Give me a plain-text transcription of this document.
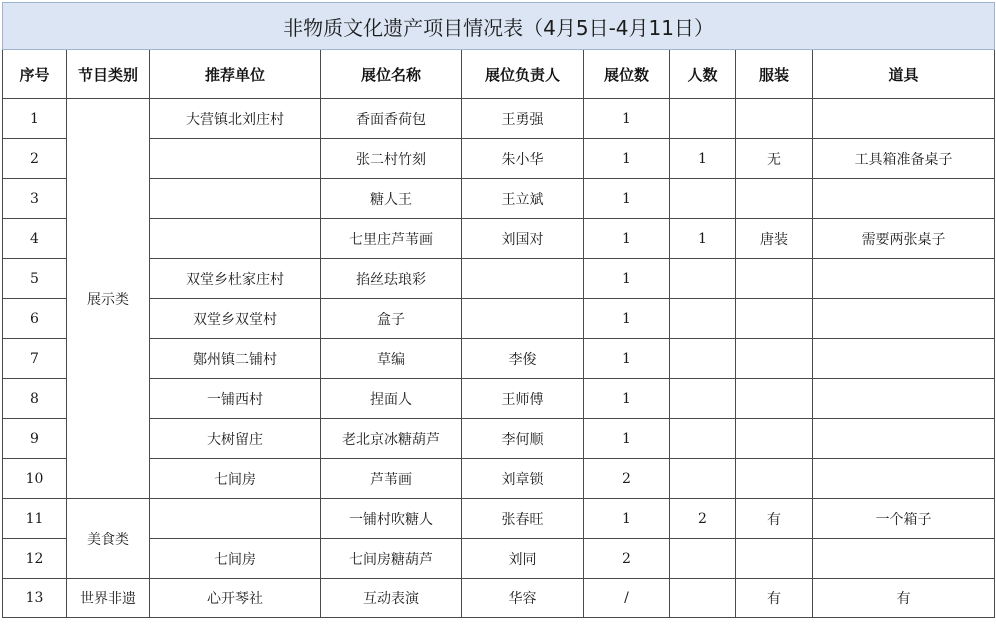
非物质文化遗产项目情况表（4月5日-4月11日）								
序号	节目类别	推荐单位	展位名称	展位负责人	展位数	人数	服装	道具
1	展示类	大营镇北刘庄村	香面香荷包	王勇强	1			
2			张二村竹刻	朱小华	1	1	无	工具箱准备桌子
3			糖人王	王立斌	1			
4			七里庄芦苇画	刘国对	1	1	唐装	需要两张桌子
5		双堂乡杜家庄村	掐丝珐琅彩		1			
6		双堂乡双堂村	盒子		1			
7		鄚州镇二铺村	草编	李俊	1			
8		一铺西村	捏面人	王师傅	1			
9		大树留庄	老北京冰糖葫芦	李何顺	1			
10		七间房	芦苇画	刘章锁	2			
11	美食类		一铺村吹糖人	张春旺	1	2	有	一个箱子
12		七间房	七间房糖葫芦	刘同	2			
13	世界非遗	心开琴社	互动表演	华容	/		有	有
